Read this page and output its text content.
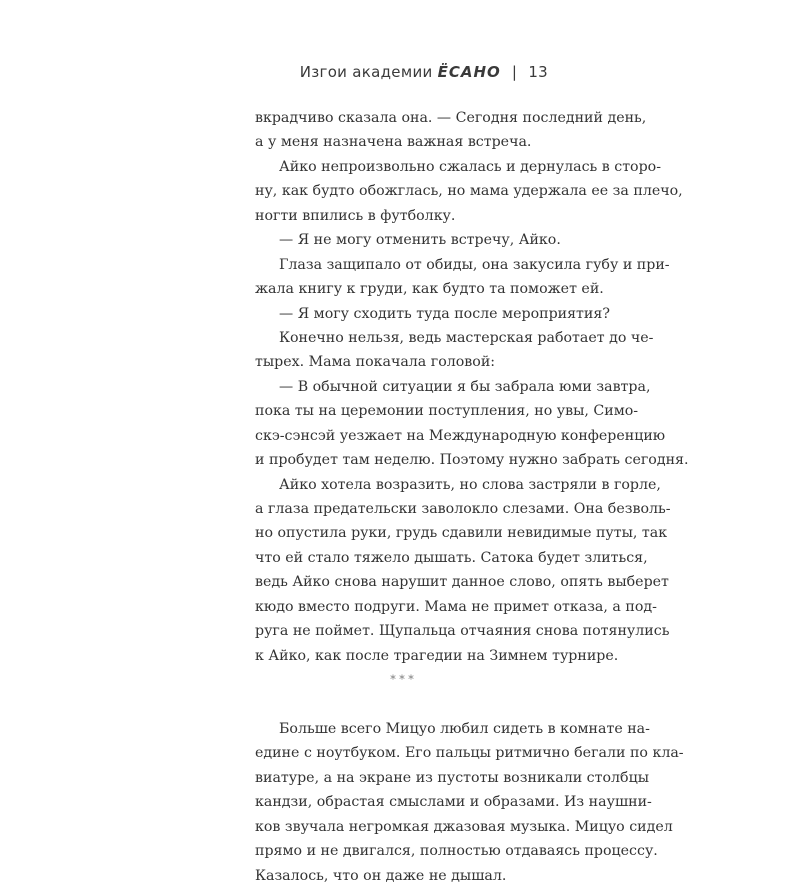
Изгои академии ЁСАНО | 13
вкрадчиво сказала она. — Сегодня последний день,
а у меня назначена важная встреча.
Айко непроизвольно сжалась и дернулась в сторо-
ну, как будто обожглась, но мама удержала ее за плечо,
ногти впились в футболку.
— Я не могу отменить встречу, Айко.
Глаза защипало от обиды, она закусила губу и при-
жала книгу к груди, как будто та поможет ей.
— Я могу сходить туда после мероприятия?
Конечно нельзя, ведь мастерская работает до че-
тырех. Мама покачала головой:
— В обычной ситуации я бы забрала юми завтра,
пока ты на церемонии поступления, но увы, Симо-
скэ-сэнсэй уезжает на Международную конференцию
и пробудет там неделю. Поэтому нужно забрать сегодня.
Айко хотела возразить, но слова застряли в горле,
а глаза предательски заволокло слезами. Она безволь-
но опустила руки, грудь сдавили невидимые путы, так
что ей стало тяжело дышать. Сатока будет злиться,
ведь Айко снова нарушит данное слово, опять выберет
кюдо вместо подруги. Мама не примет отказа, а под-
руга не поймет. Щупальца отчаяния снова потянулись
к Айко, как после трагедии на Зимнем турнире.
* * *
Больше всего Мицуо любил сидеть в комнате на-
едине с ноутбуком. Его пальцы ритмично бегали по кла-
виатуре, а на экране из пустоты возникали столбцы
кандзи, обрастая смыслами и образами. Из наушни-
ков звучала негромкая джазовая музыка. Мицуо сидел
прямо и не двигался, полностью отдаваясь процессу.
Казалось, что он даже не дышал.
